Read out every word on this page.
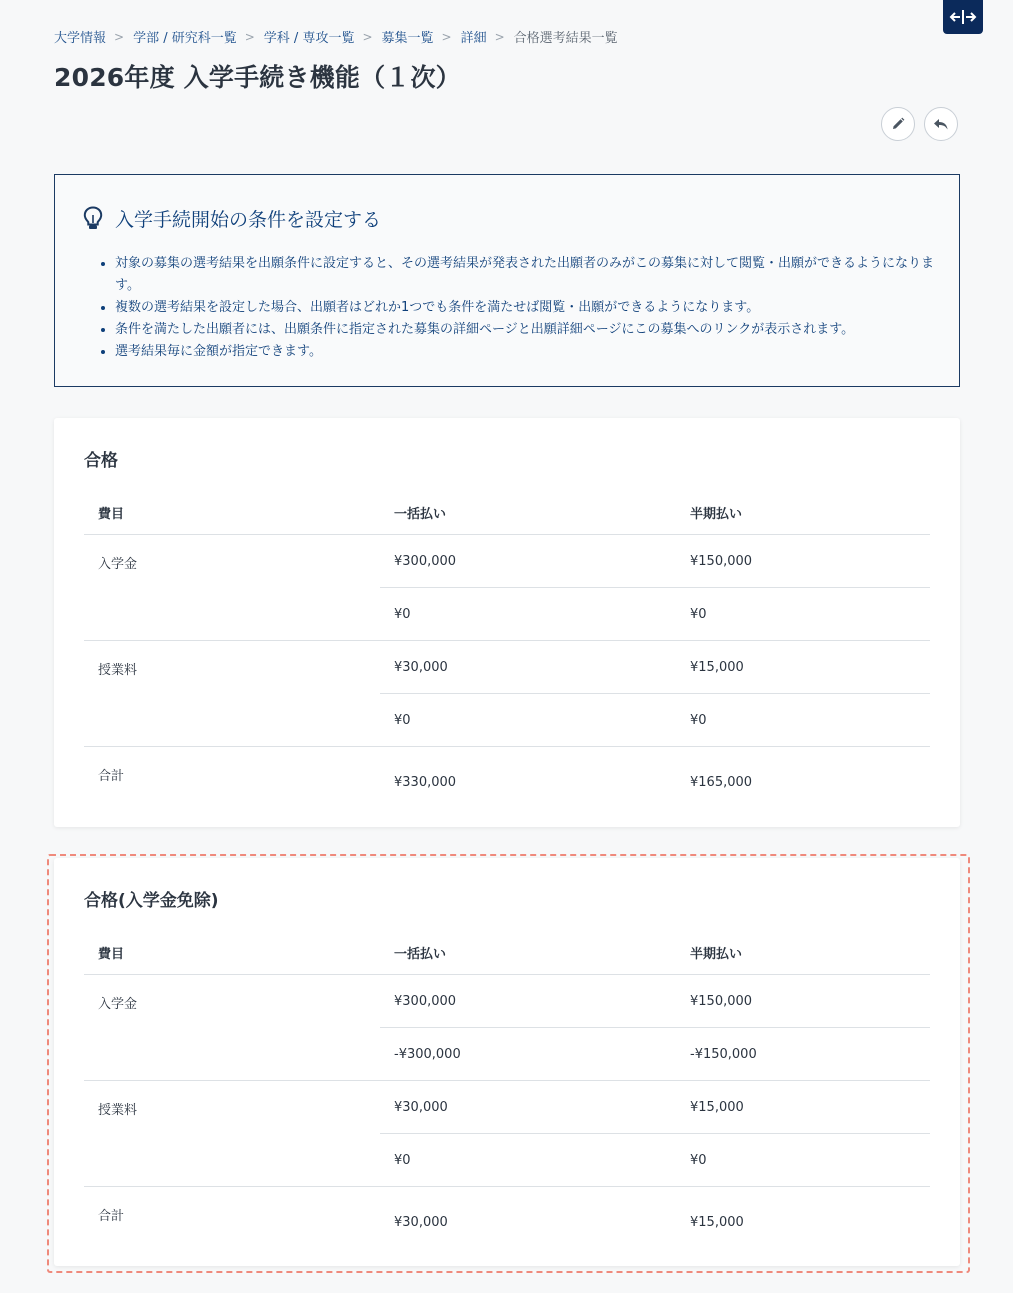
大学情報 > 学部 / 研究科一覧 > 学科 / 専攻一覧 > 募集一覧 > 詳細 > 合格選考結果一覧
2026年度 入学手続き機能（１次）
入学手続開始の条件を設定する
• 対象の募集の選考結果を出願条件に設定すると、その選考結果が発表された出願者のみがこの募集に対して閲覧・出願ができるようになります。
• 複数の選考結果を設定した場合、出願者はどれか1つでも条件を満たせば閲覧・出願ができるようになります。
• 条件を満たした出願者には、出願条件に指定された募集の詳細ページと出願詳細ページにこの募集へのリンクが表示されます。
• 選考結果毎に金額が指定できます。
合格
費目	一括払い	半期払い
入学金	¥300,000	¥150,000
	¥0	¥0
授業料	¥30,000	¥15,000
	¥0	¥0
合計	¥330,000	¥165,000
合格(入学金免除)
費目	一括払い	半期払い
入学金	¥300,000	¥150,000
	-¥300,000	-¥150,000
授業料	¥30,000	¥15,000
	¥0	¥0
合計	¥30,000	¥15,000
